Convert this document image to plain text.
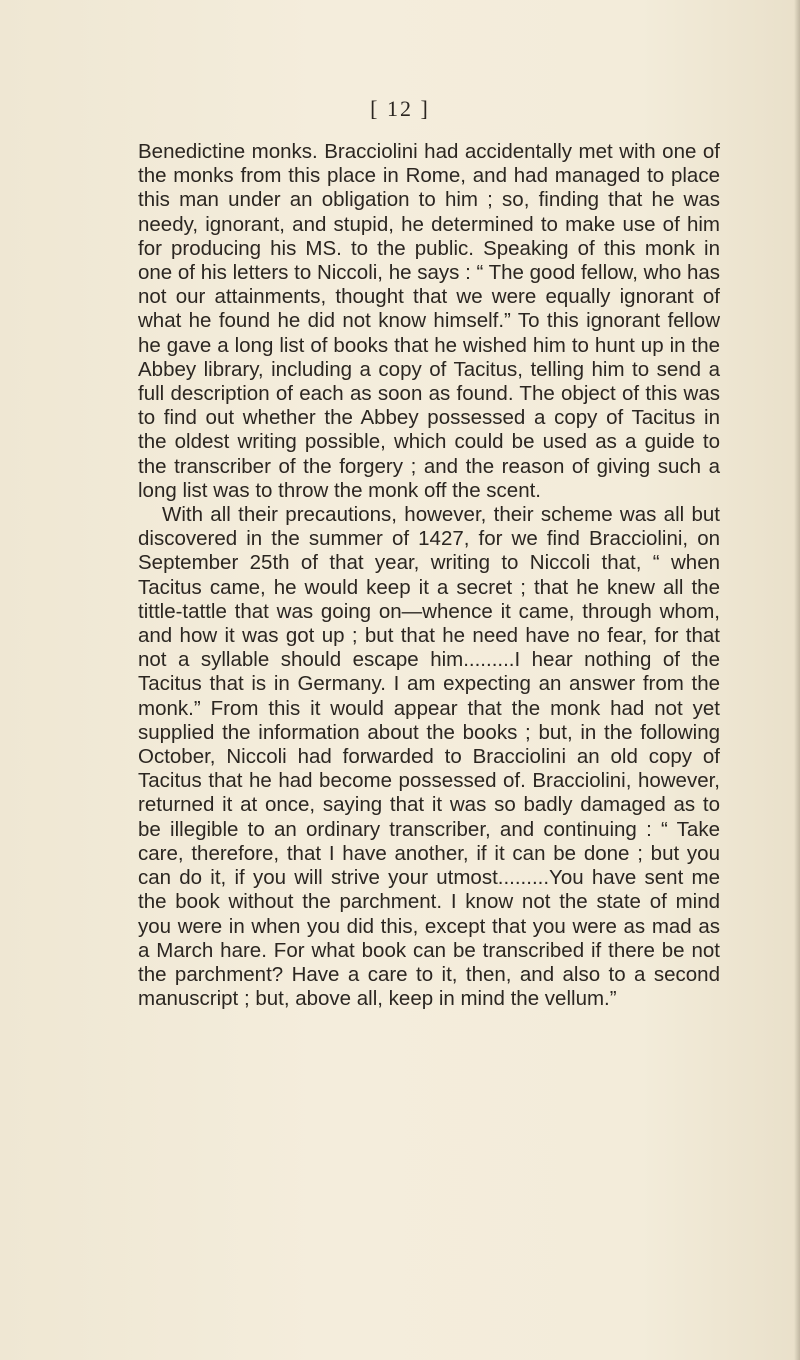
[ 12 ]

Benedictine monks. Bracciolini had accidentally met with one of the monks from this place in Rome, and had managed to place this man under an obligation to him ; so, finding that he was needy, ignorant, and stupid, he determined to make use of him for producing his MS. to the public. Speaking of this monk in one of his letters to Niccoli, he says : “ The good fellow, who has not our attainments, thought that we were equally ignorant of what he found he did not know himself.” To this ignorant fellow he gave a long list of books that he wished him to hunt up in the Abbey library, including a copy of Tacitus, telling him to send a full description of each as soon as found. The object of this was to find out whether the Abbey possessed a copy of Tacitus in the oldest writing possible, which could be used as a guide to the transcriber of the forgery ; and the reason of giving such a long list was to throw the monk off the scent.

With all their precautions, however, their scheme was all but discovered in the summer of 1427, for we find Bracciolini, on September 25th of that year, writing to Niccoli that, “ when Tacitus came, he would keep it a secret ; that he knew all the tittle-tattle that was going on—whence it came, through whom, and how it was got up ; but that he need have no fear, for that not a syllable should escape him.........I hear nothing of the Tacitus that is in Germany. I am expecting an answer from the monk.” From this it would appear that the monk had not yet supplied the information about the books ; but, in the following October, Niccoli had forwarded to Bracciolini an old copy of Tacitus that he had become possessed of. Bracciolini, however, returned it at once, saying that it was so badly damaged as to be illegible to an ordinary transcriber, and continuing : “ Take care, therefore, that I have another, if it can be done ; but you can do it, if you will strive your utmost.........You have sent me the book without the parchment. I know not the state of mind you were in when you did this, except that you were as mad as a March hare. For what book can be transcribed if there be not the parchment? Have a care to it, then, and also to a second manuscript ; but, above all, keep in mind the vellum.”
